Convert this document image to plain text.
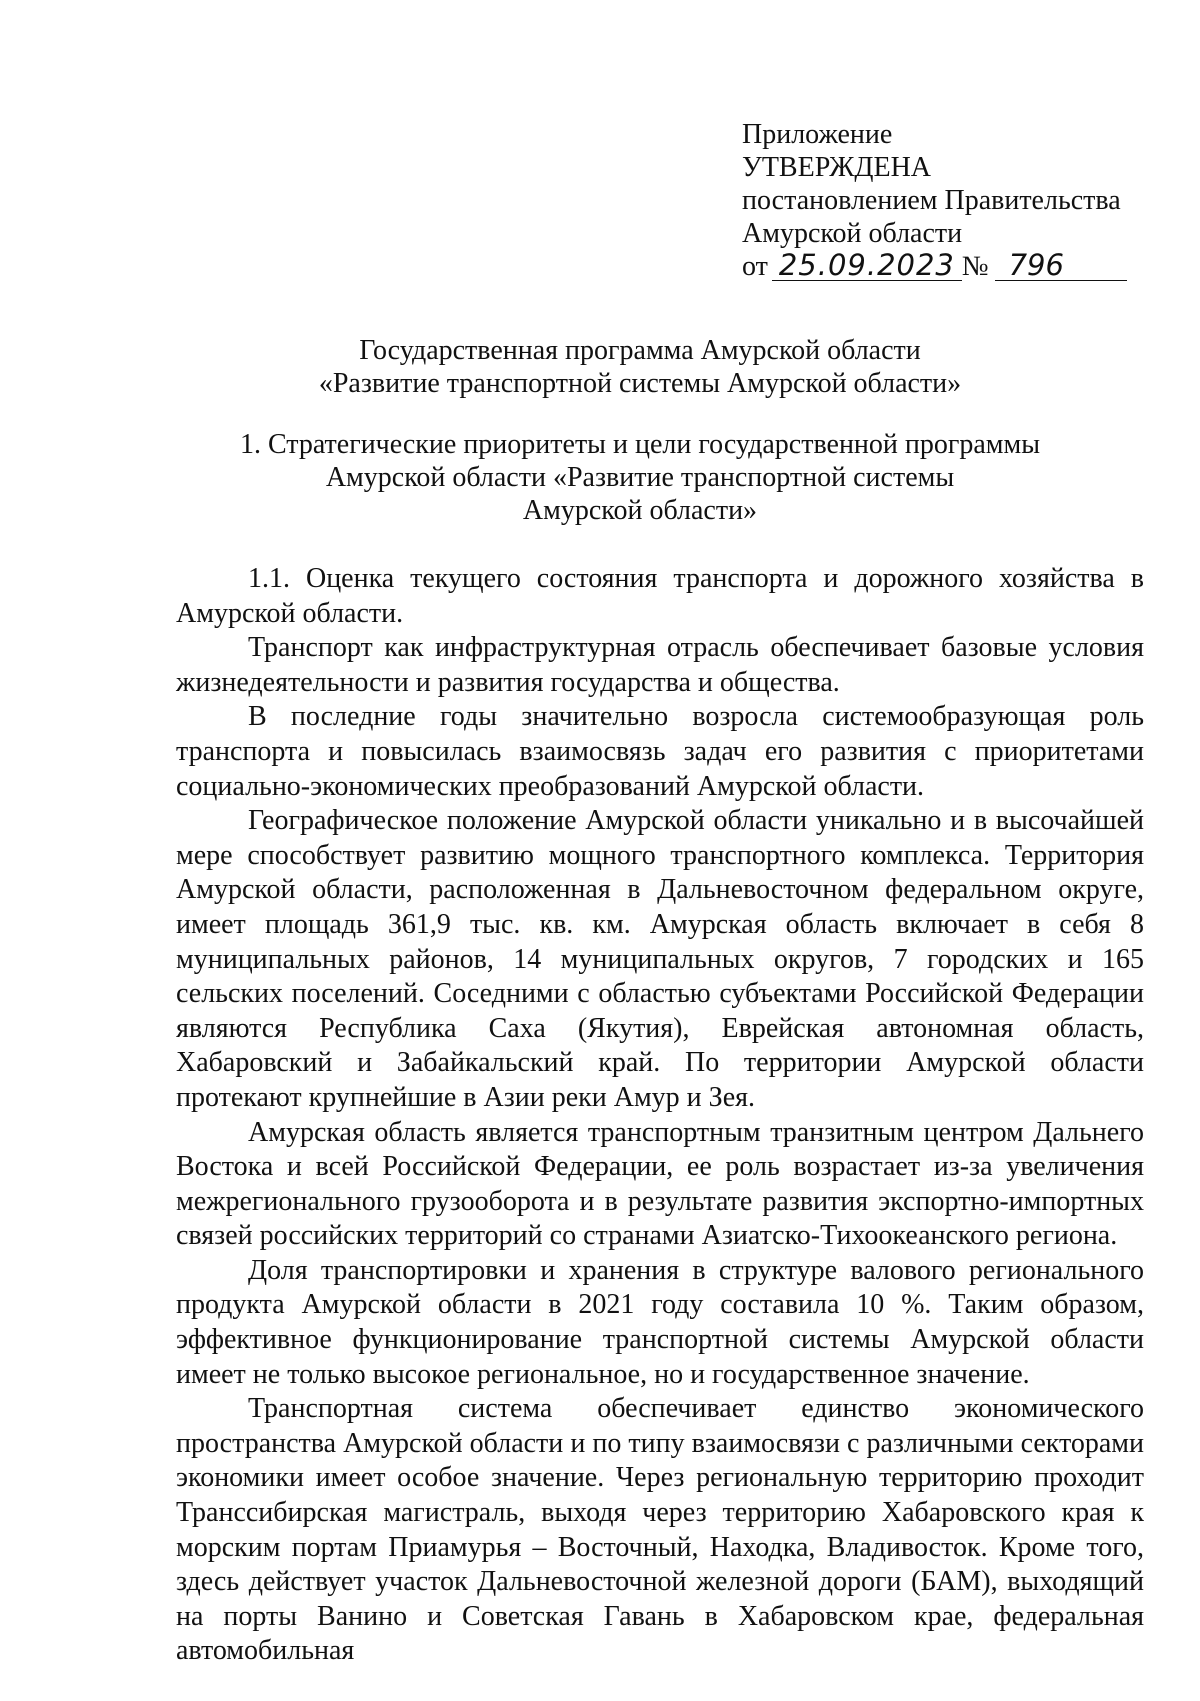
Приложение
УТВЕРЖДЕНА
постановлением Правительства
Амурской области
от 25.09.2023 № 796
Государственная программа Амурской области
«Развитие транспортной системы Амурской области»
1. Стратегические приоритеты и цели государственной программы
Амурской области «Развитие транспортной системы
Амурской области»

1.1. Оценка текущего состояния транспорта и дорожного хозяйства в Амурской области.

Транспорт как инфраструктурная отрасль обеспечивает базовые условия жизнедеятельности и развития государства и общества.

В последние годы значительно возросла системообразующая роль транспорта и повысилась взаимосвязь задач его развития с приоритетами социально-экономических преобразований Амурской области.

Географическое положение Амурской области уникально и в высочайшей мере способствует развитию мощного транспортного комплекса. Территория Амурской области, расположенная в Дальневосточном федеральном округе, имеет площадь 361,9 тыс. кв. км. Амурская область включает в себя 8 муниципальных районов, 14 муниципальных округов, 7 городских и 165 сельских поселений. Соседними с областью субъектами Российской Федерации являются Республика Саха (Якутия), Еврейская автономная область, Хабаровский и Забайкальский край. По территории Амурской области протекают крупнейшие в Азии реки Амур и Зея.

Амурская область является транспортным транзитным центром Дальнего Востока и всей Российской Федерации, ее роль возрастает из-за увеличения межрегионального грузооборота и в результате развития экспортно-импортных связей российских территорий со странами Азиатско-Тихоокеанского региона.

Доля транспортировки и хранения в структуре валового регионального продукта Амурской области в 2021 году составила 10 %. Таким образом, эффективное функционирование транспортной системы Амурской области имеет не только высокое региональное, но и государственное значение.

Транспортная система обеспечивает единство экономического пространства Амурской области и по типу взаимосвязи с различными секторами экономики имеет особое значение. Через региональную территорию проходит Транссибирская магистраль, выходя через территорию Хабаровского края к морским портам Приамурья – Восточный, Находка, Владивосток. Кроме того, здесь действует участок Дальневосточной железной дороги (БАМ), выходящий на порты Ванино и Советская Гавань в Хабаровском крае, федеральная автомобильная
